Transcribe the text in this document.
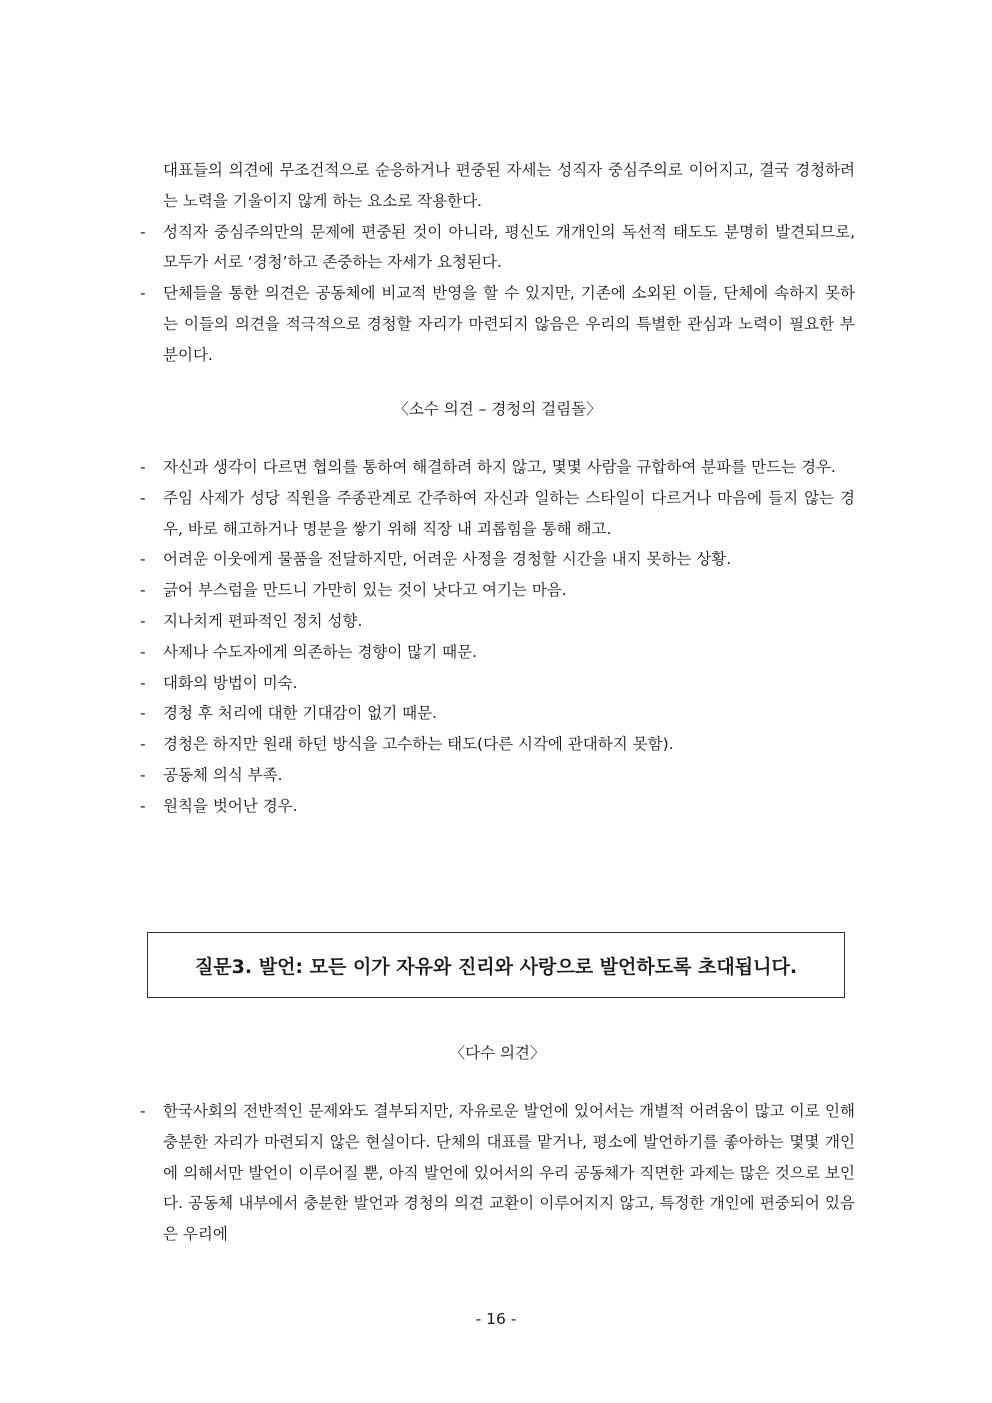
대표들의 의견에 무조건적으로 순응하거나 편중된 자세는 성직자 중심주의로 이어지고, 결국 경청하려는 노력을 기울이지 않게 하는 요소로 작용한다.
-	성직자 중심주의만의 문제에 편중된 것이 아니라, 평신도 개개인의 독선적 태도도 분명히 발견되므로, 모두가 서로 ‘경청’하고 존중하는 자세가 요청된다.
-	단체들을 통한 의견은 공동체에 비교적 반영을 할 수 있지만, 기존에 소외된 이들, 단체에 속하지 못하는 이들의 의견을 적극적으로 경청할 자리가 마련되지 않음은 우리의 특별한 관심과 노력이 필요한 부분이다.
〈소수 의견 – 경청의 걸림돌〉
-	자신과 생각이 다르면 협의를 통하여 해결하려 하지 않고, 몇몇 사람을 규합하여 분파를 만드는 경우.
-	주임 사제가 성당 직원을 주종관계로 간주하여 자신과 일하는 스타일이 다르거나 마음에 들지 않는 경우, 바로 해고하거나 명분을 쌓기 위해 직장 내 괴롭힘을 통해 해고.
-	어려운 이웃에게 물품을 전달하지만, 어려운 사정을 경청할 시간을 내지 못하는 상황.
-	긁어 부스럼을 만드니 가만히 있는 것이 낫다고 여기는 마음.
-	지나치게 편파적인 정치 성향.
-	사제나 수도자에게 의존하는 경향이 많기 때문.
-	대화의 방법이 미숙.
-	경청 후 처리에 대한 기대감이 없기 때문.
-	경청은 하지만 원래 하던 방식을 고수하는 태도(다른 시각에 관대하지 못함).
-	공동체 의식 부족.
-	원칙을 벗어난 경우.
질문3. 발언: 모든 이가 자유와 진리와 사랑으로 발언하도록 초대됩니다.
〈다수 의견〉
-	한국사회의 전반적인 문제와도 결부되지만, 자유로운 발언에 있어서는 개별적 어려움이 많고 이로 인해 충분한 자리가 마련되지 않은 현실이다. 단체의 대표를 맡거나, 평소에 발언하기를 좋아하는 몇몇 개인에 의해서만 발언이 이루어질 뿐, 아직 발언에 있어서의 우리 공동체가 직면한 과제는 많은 것으로 보인다. 공동체 내부에서 충분한 발언과 경청의 의견 교환이 이루어지지 않고, 특정한 개인에 편중되어 있음은 우리에
- 16 -
